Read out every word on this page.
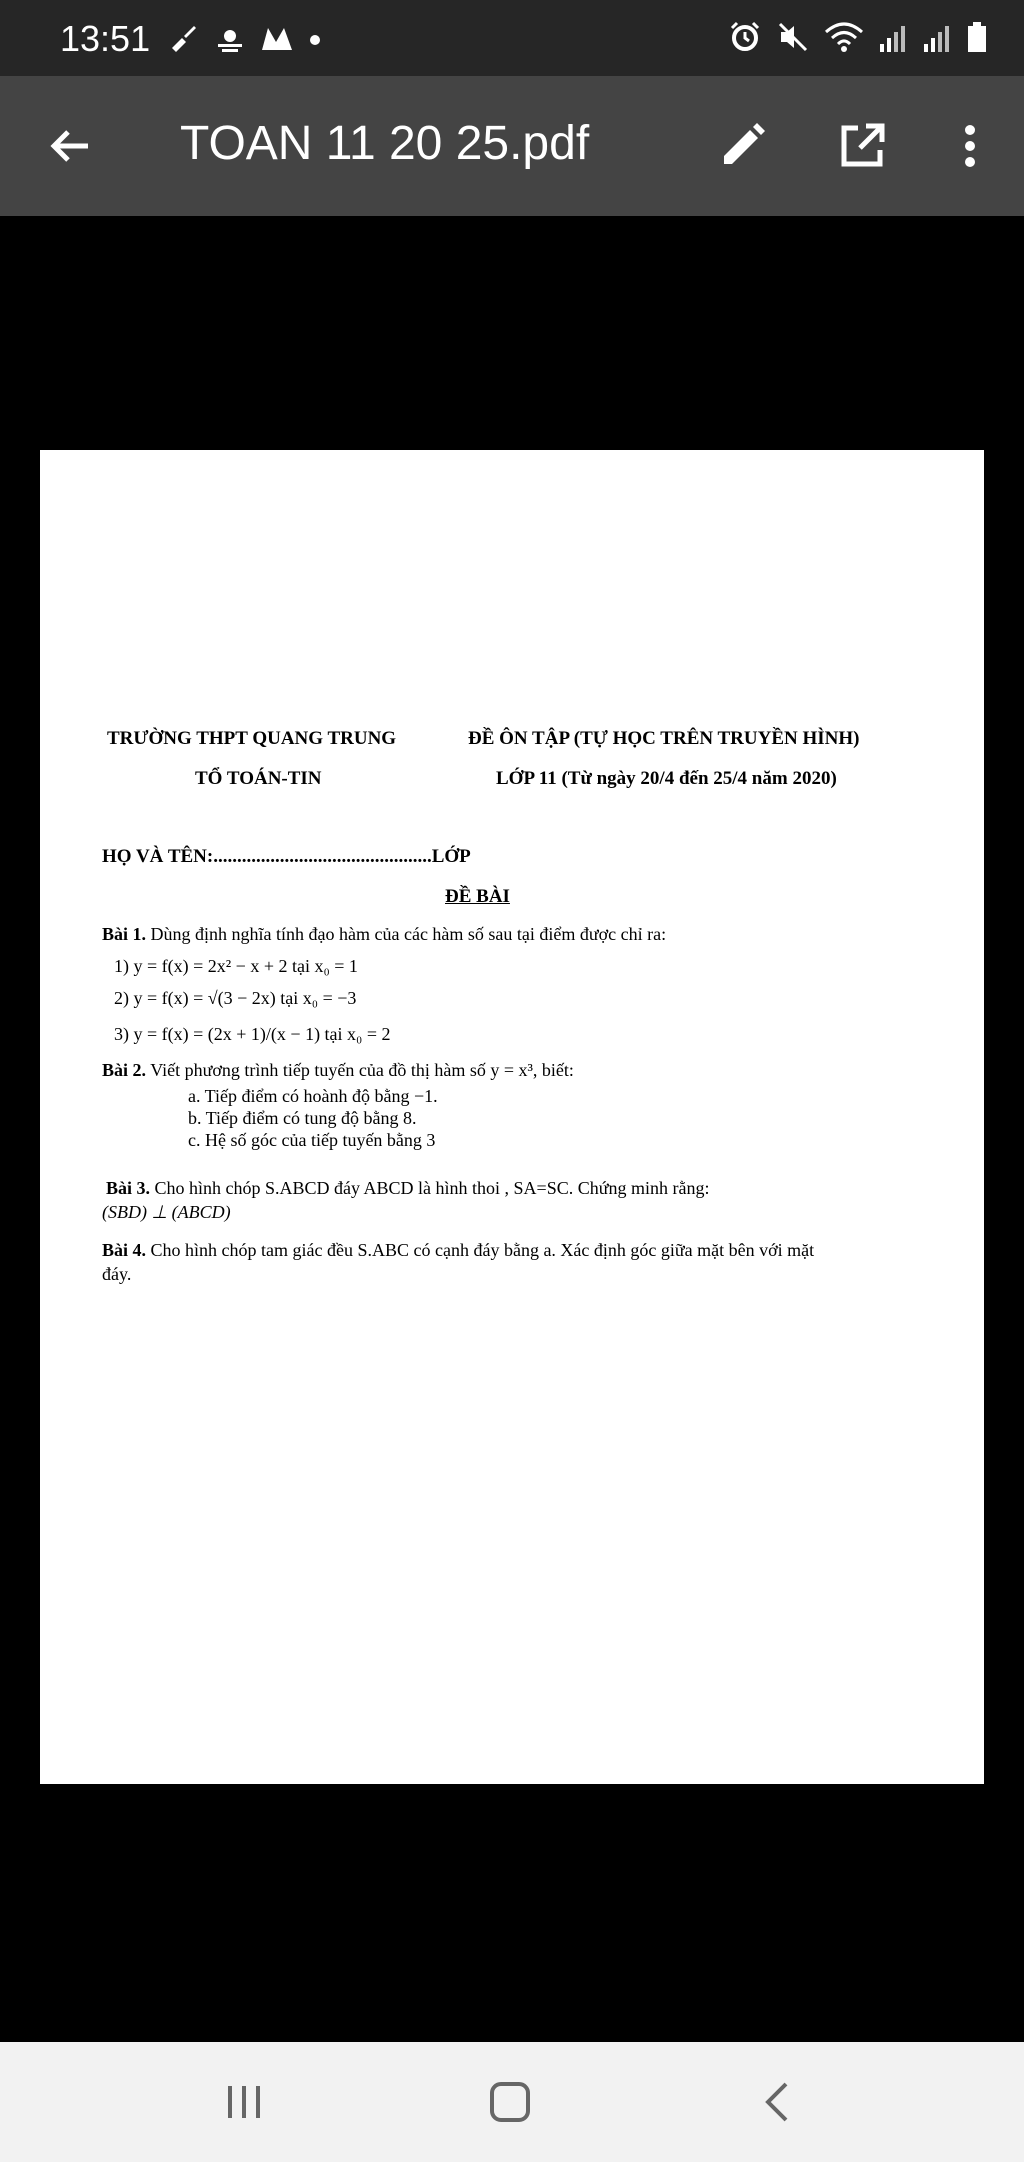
13:51
TOAN 11 20 25.pdf
TRƯỜNG THPT QUANG TRUNG
TỔ TOÁN-TIN
ĐỀ ÔN TẬP (TỰ HỌC TRÊN TRUYỀN HÌNH)
LỚP 11 (Từ ngày 20/4 đến 25/4 năm 2020)
HỌ VÀ TÊN:..............................................LỚP
ĐỀ BÀI
Bài 1. Dùng định nghĩa tính đạo hàm của các hàm số sau tại điểm được chỉ ra:
1) y = f(x) = 2x² − x + 2 tại x₀ = 1
2) y = f(x) = √(3 − 2x) tại x₀ = −3
3) y = f(x) = (2x + 1)/(x − 1) tại x₀ = 2
Bài 2. Viết phương trình tiếp tuyến của đồ thị hàm số y = x³, biết:
a. Tiếp điểm có hoành độ bằng −1.
b. Tiếp điểm có tung độ bằng 8.
c. Hệ số góc của tiếp tuyến bằng 3
Bài 3. Cho hình chóp S.ABCD đáy ABCD là hình thoi , SA=SC. Chứng minh rằng:
(SBD) ⊥ (ABCD)
Bài 4. Cho hình chóp tam giác đều S.ABC có cạnh đáy bằng a. Xác định góc giữa mặt bên với mặt
đáy.
